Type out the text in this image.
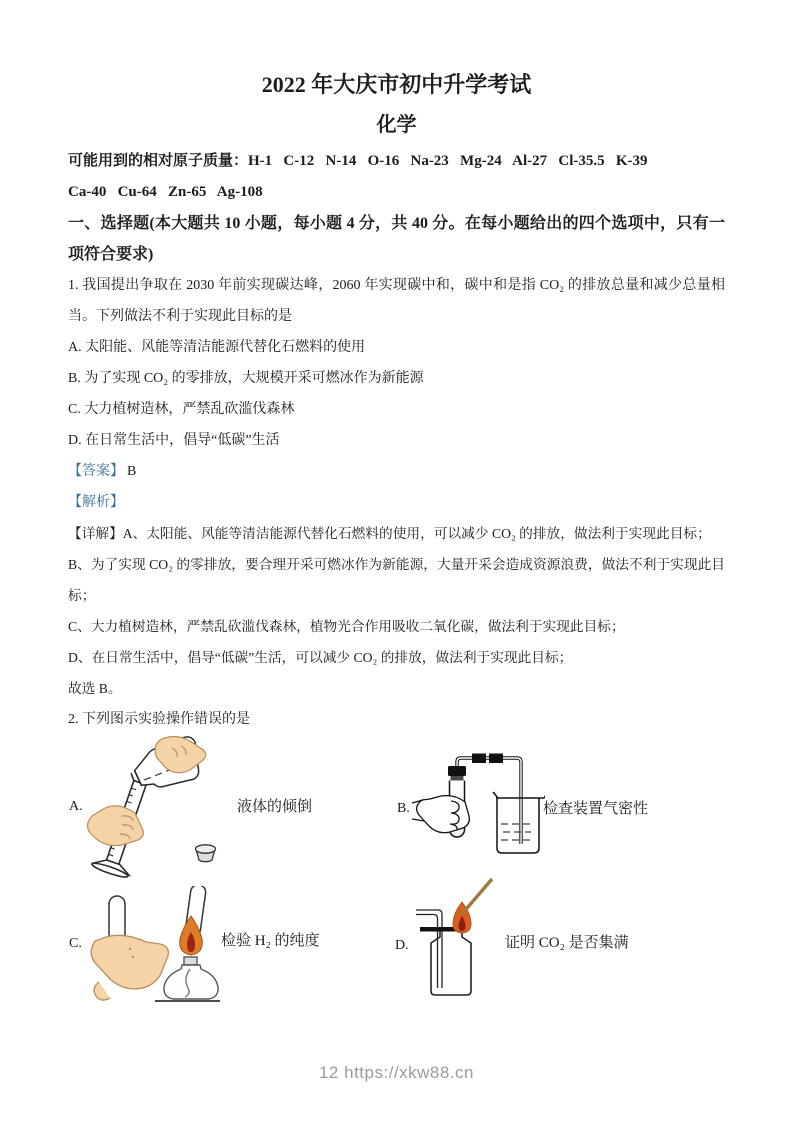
2022 年大庆市初中升学考试
化学

可能用到的相对原子质量：H-1   C-12   N-14   O-16   Na-23   Mg-24   Al-27   Cl-35.5   K-39

Ca-40   Cu-64   Zn-65   Ag-108

一、选择题(本大题共 10 小题，每小题 4 分，共 40 分。在每小题给出的四个选项中，只有一项符合要求)

1. 我国提出争取在 2030 年前实现碳达峰，2060 年实现碳中和，碳中和是指 CO₂ 的排放总量和减少总量相当。下列做法不利于实现此目标的是

A. 太阳能、风能等清洁能源代替化石燃料的使用

B. 为了实现 CO₂ 的零排放，大规模开采可燃冰作为新能源

C. 大力植树造林，严禁乱砍滥伐森林

D. 在日常生活中，倡导“低碳”生活

【答案】 B

【解析】

【详解】A、太阳能、风能等清洁能源代替化石燃料的使用，可以减少 CO₂ 的排放，做法利于实现此目标；

B、为了实现 CO₂ 的零排放，要合理开采可燃冰作为新能源，大量开采会造成资源浪费，做法不利于实现此目标；

C、大力植树造林，严禁乱砍滥伐森林，植物光合作用吸收二氧化碳，做法利于实现此目标；

D、在日常生活中，倡导“低碳”生活，可以减少 CO₂ 的排放，做法利于实现此目标；

故选 B。

2. 下列图示实验操作错误的是

A.	液体的倾倒	B.	检查装置气密性
C.	检验 H₂ 的纯度	D.	证明 CO₂ 是否集满
12 https://xkw88.cn
